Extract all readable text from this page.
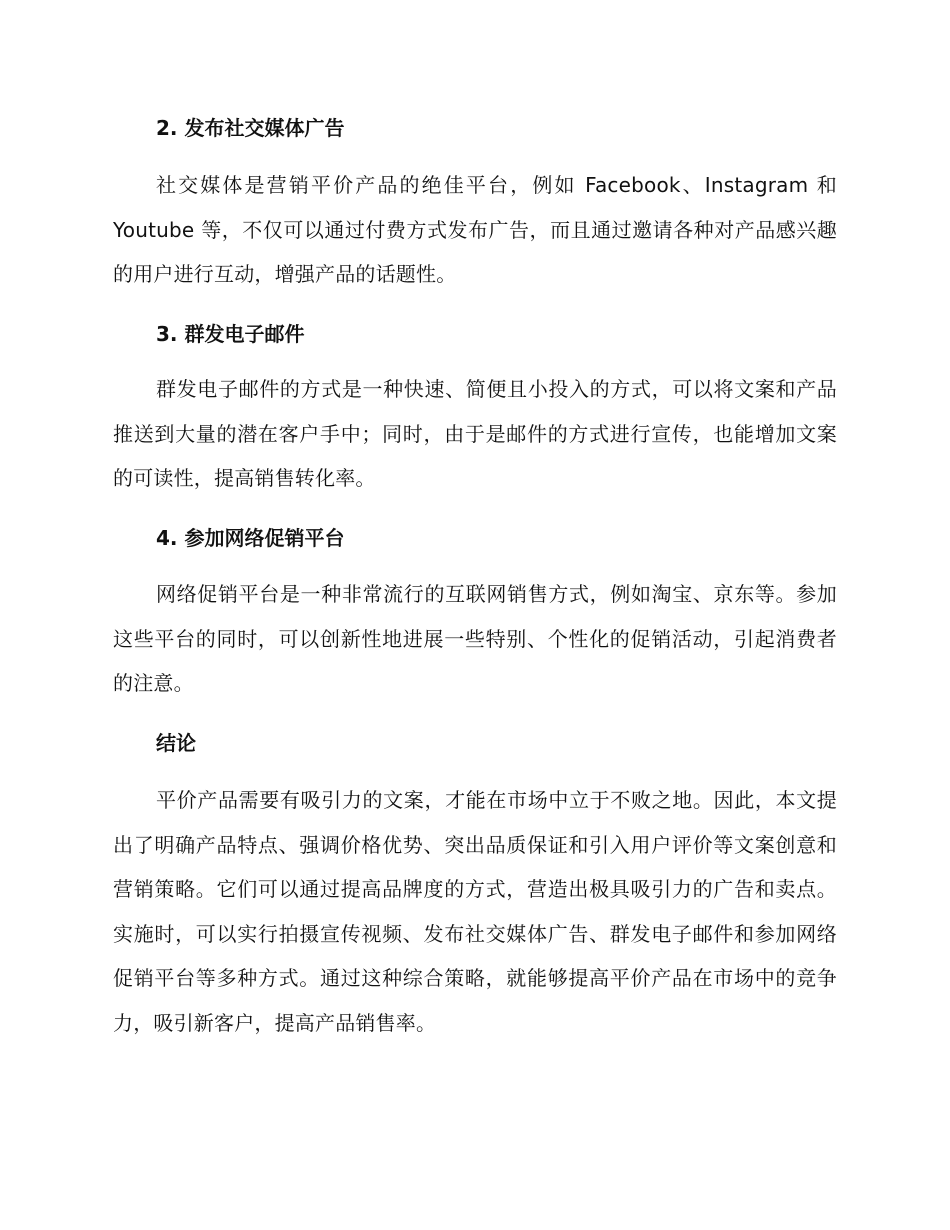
2. 发布社交媒体广告

社交媒体是营销平价产品的绝佳平台，例如 Facebook、Instagram 和 Youtube 等，不仅可以通过付费方式发布广告，而且通过邀请各种对产品感兴趣的用户进行互动，增强产品的话题性。

3. 群发电子邮件

群发电子邮件的方式是一种快速、简便且小投入的方式，可以将文案和产品推送到大量的潜在客户手中；同时，由于是邮件的方式进行宣传，也能增加文案的可读性，提高销售转化率。

4. 参加网络促销平台

网络促销平台是一种非常流行的互联网销售方式，例如淘宝、京东等。参加这些平台的同时，可以创新性地进展一些特别、个性化的促销活动，引起消费者的注意。

结论

平价产品需要有吸引力的文案，才能在市场中立于不败之地。因此，本文提出了明确产品特点、强调价格优势、突出品质保证和引入用户评价等文案创意和营销策略。它们可以通过提高品牌度的方式，营造出极具吸引力的广告和卖点。实施时，可以实行拍摄宣传视频、发布社交媒体广告、群发电子邮件和参加网络促销平台等多种方式。通过这种综合策略，就能够提高平价产品在市场中的竞争力，吸引新客户，提高产品销售率。
